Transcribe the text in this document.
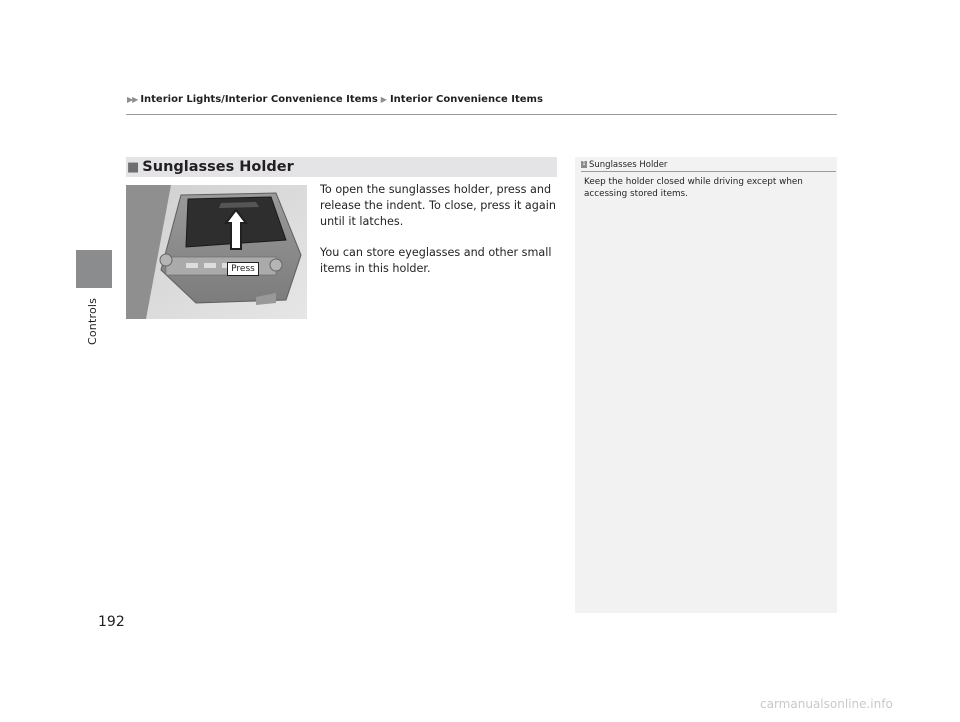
Controls
▶▶ Interior Lights/Interior Convenience Items ▶ Interior Convenience Items
■ Sunglasses Holder
Press

To open the sunglasses holder, press and release the indent. To close, press it again until it latches.

You can store eyeglasses and other small items in this holder.

1 Sunglasses Holder
Keep the holder closed while driving except when accessing stored items.
192
carmanualsonline.info
